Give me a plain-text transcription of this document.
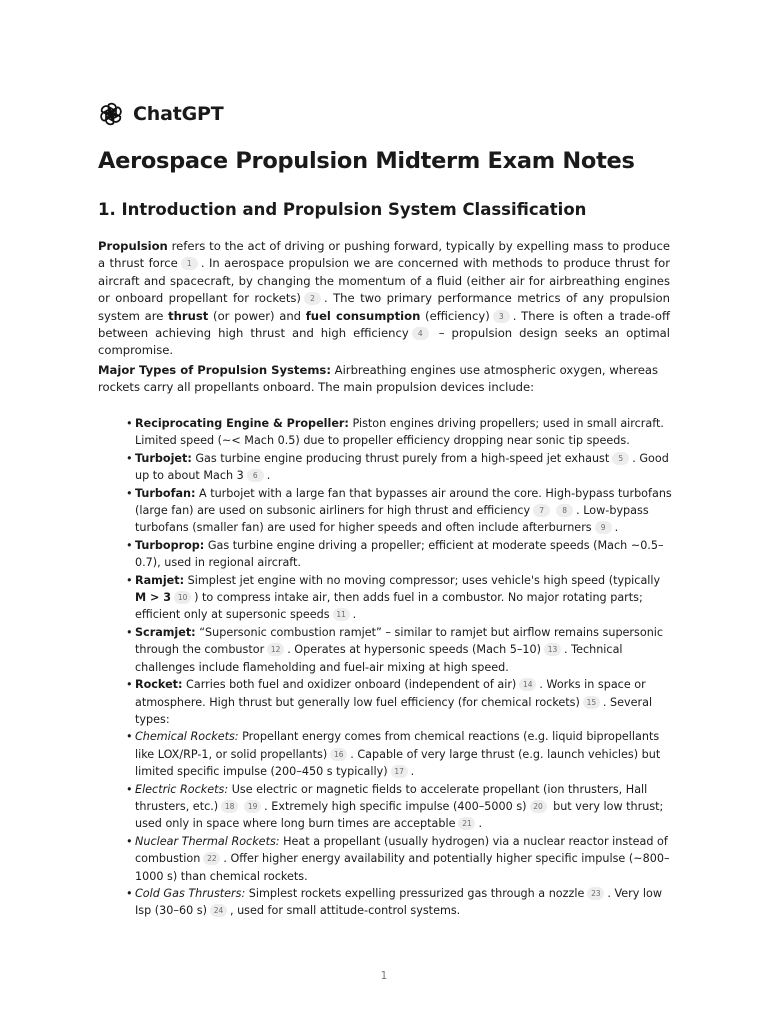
ChatGPT
Aerospace Propulsion Midterm Exam Notes
1. Introduction and Propulsion System Classification

Propulsion refers to the act of driving or pushing forward, typically by expelling mass to produce a thrust force 1 . In aerospace propulsion we are concerned with methods to produce thrust for aircraft and spacecraft, by changing the momentum of a fluid (either air for airbreathing engines or onboard propellant for rockets) 2 . The two primary performance metrics of any propulsion system are thrust (or power) and fuel consumption (efficiency) 3 . There is often a trade-off between achieving high thrust and high efficiency 4 – propulsion design seeks an optimal compromise.

Major Types of Propulsion Systems: Airbreathing engines use atmospheric oxygen, whereas rockets carry all propellants onboard. The main propulsion devices include:

• Reciprocating Engine & Propeller: Piston engines driving propellers; used in small aircraft. Limited speed (~< Mach 0.5) due to propeller efficiency dropping near sonic tip speeds.
• Turbojet: Gas turbine engine producing thrust purely from a high-speed jet exhaust 5 . Good up to about Mach 3 6 .
• Turbofan: A turbojet with a large fan that bypasses air around the core. High-bypass turbofans (large fan) are used on subsonic airliners for high thrust and efficiency 7 8 . Low-bypass turbofans (smaller fan) are used for higher speeds and often include afterburners 9 .
• Turboprop: Gas turbine engine driving a propeller; efficient at moderate speeds (Mach ~0.5–0.7), used in regional aircraft.
• Ramjet: Simplest jet engine with no moving compressor; uses vehicle's high speed (typically M > 3 10 ) to compress intake air, then adds fuel in a combustor. No major rotating parts; efficient only at supersonic speeds 11 .
• Scramjet: “Supersonic combustion ramjet” – similar to ramjet but airflow remains supersonic through the combustor 12 . Operates at hypersonic speeds (Mach 5–10) 13 . Technical challenges include flameholding and fuel-air mixing at high speed.
• Rocket: Carries both fuel and oxidizer onboard (independent of air) 14 . Works in space or atmosphere. High thrust but generally low fuel efficiency (for chemical rockets) 15 . Several types:
• Chemical Rockets: Propellant energy comes from chemical reactions (e.g. liquid bipropellants like LOX/RP-1, or solid propellants) 16 . Capable of very large thrust (e.g. launch vehicles) but limited specific impulse (200–450 s typically) 17 .
• Electric Rockets: Use electric or magnetic fields to accelerate propellant (ion thrusters, Hall thrusters, etc.) 18 19 . Extremely high specific impulse (400–5000 s) 20 but very low thrust; used only in space where long burn times are acceptable 21 .
• Nuclear Thermal Rockets: Heat a propellant (usually hydrogen) via a nuclear reactor instead of combustion 22 . Offer higher energy availability and potentially higher specific impulse (~800–1000 s) than chemical rockets.
• Cold Gas Thrusters: Simplest rockets expelling pressurized gas through a nozzle 23 . Very low Isp (30–60 s) 24 , used for small attitude-control systems.
1
